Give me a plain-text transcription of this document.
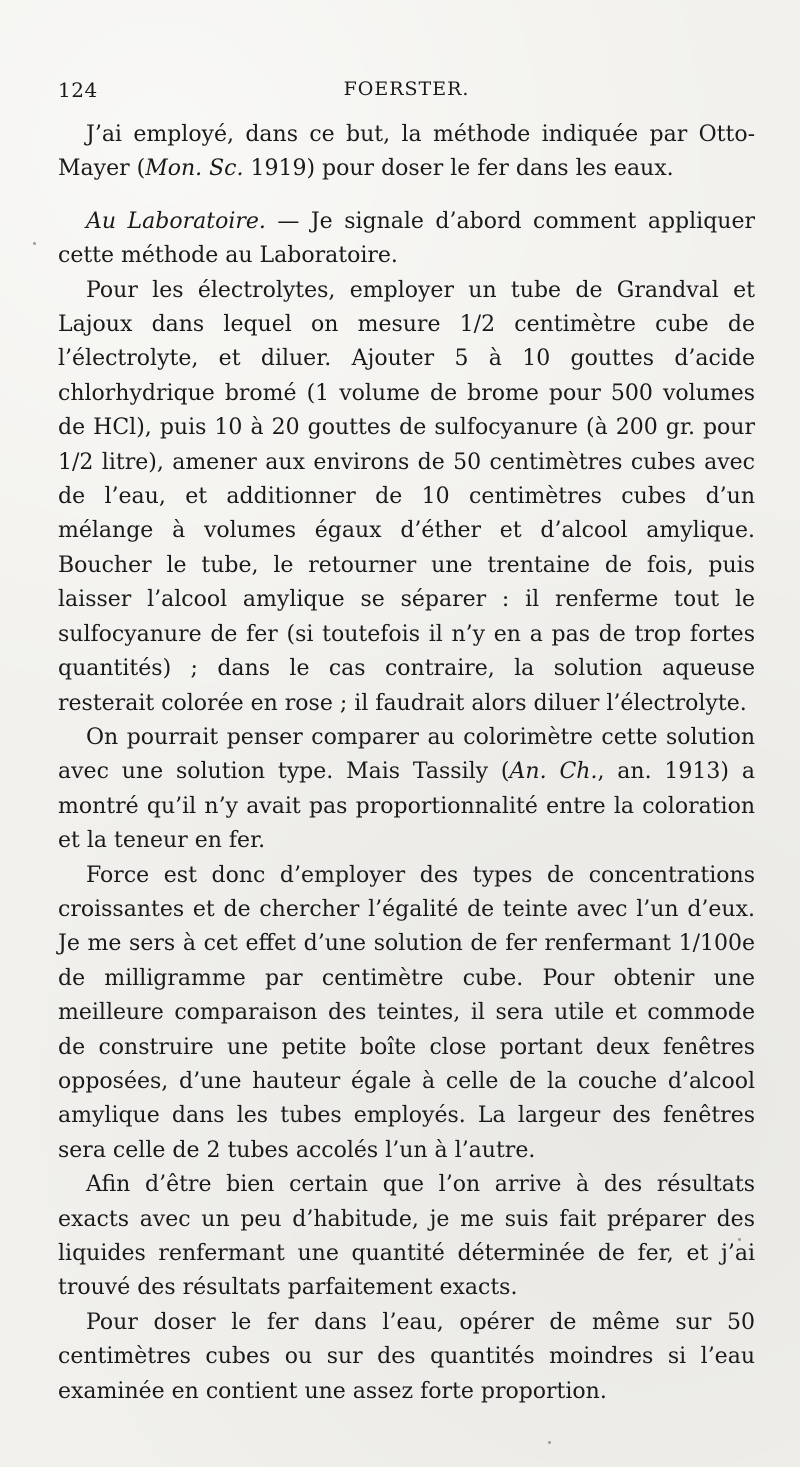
124	FOERSTER.

J’ai employé, dans ce but, la méthode indiquée par Otto-Mayer (Mon. Sc. 1919) pour doser le fer dans les eaux.

Au Laboratoire. — Je signale d’abord comment appliquer cette méthode au Laboratoire.

Pour les électrolytes, employer un tube de Grandval et Lajoux dans lequel on mesure 1/2 centimètre cube de l’électrolyte, et diluer. Ajouter 5 à 10 gouttes d’acide chlorhydrique bromé (1 volume de brome pour 500 volumes de HCl), puis 10 à 20 gouttes de sulfocyanure (à 200 gr. pour 1/2 litre), amener aux environs de 50 centimètres cubes avec de l’eau, et additionner de 10 centimètres cubes d’un mélange à volumes égaux d’éther et d’alcool amylique. Boucher le tube, le retourner une trentaine de fois, puis laisser l’alcool amylique se séparer : il renferme tout le sulfocyanure de fer (si toutefois il n’y en a pas de trop fortes quantités) ; dans le cas contraire, la solution aqueuse resterait colorée en rose ; il faudrait alors diluer l’électrolyte.

On pourrait penser comparer au colorimètre cette solution avec une solution type. Mais Tassily (An. Ch., an. 1913) a montré qu’il n’y avait pas proportionnalité entre la coloration et la teneur en fer.

Force est donc d’employer des types de concentrations croissantes et de chercher l’égalité de teinte avec l’un d’eux. Je me sers à cet effet d’une solution de fer renfermant 1/100e de milligramme par centimètre cube. Pour obtenir une meilleure comparaison des teintes, il sera utile et commode de construire une petite boîte close portant deux fenêtres opposées, d’une hauteur égale à celle de la couche d’alcool amylique dans les tubes employés. La largeur des fenêtres sera celle de 2 tubes accolés l’un à l’autre.

Afin d’être bien certain que l’on arrive à des résultats exacts avec un peu d’habitude, je me suis fait préparer des liquides renfermant une quantité déterminée de fer, et j’ai trouvé des résultats parfaitement exacts.

Pour doser le fer dans l’eau, opérer de même sur 50 centimètres cubes ou sur des quantités moindres si l’eau examinée en contient une assez forte proportion.
